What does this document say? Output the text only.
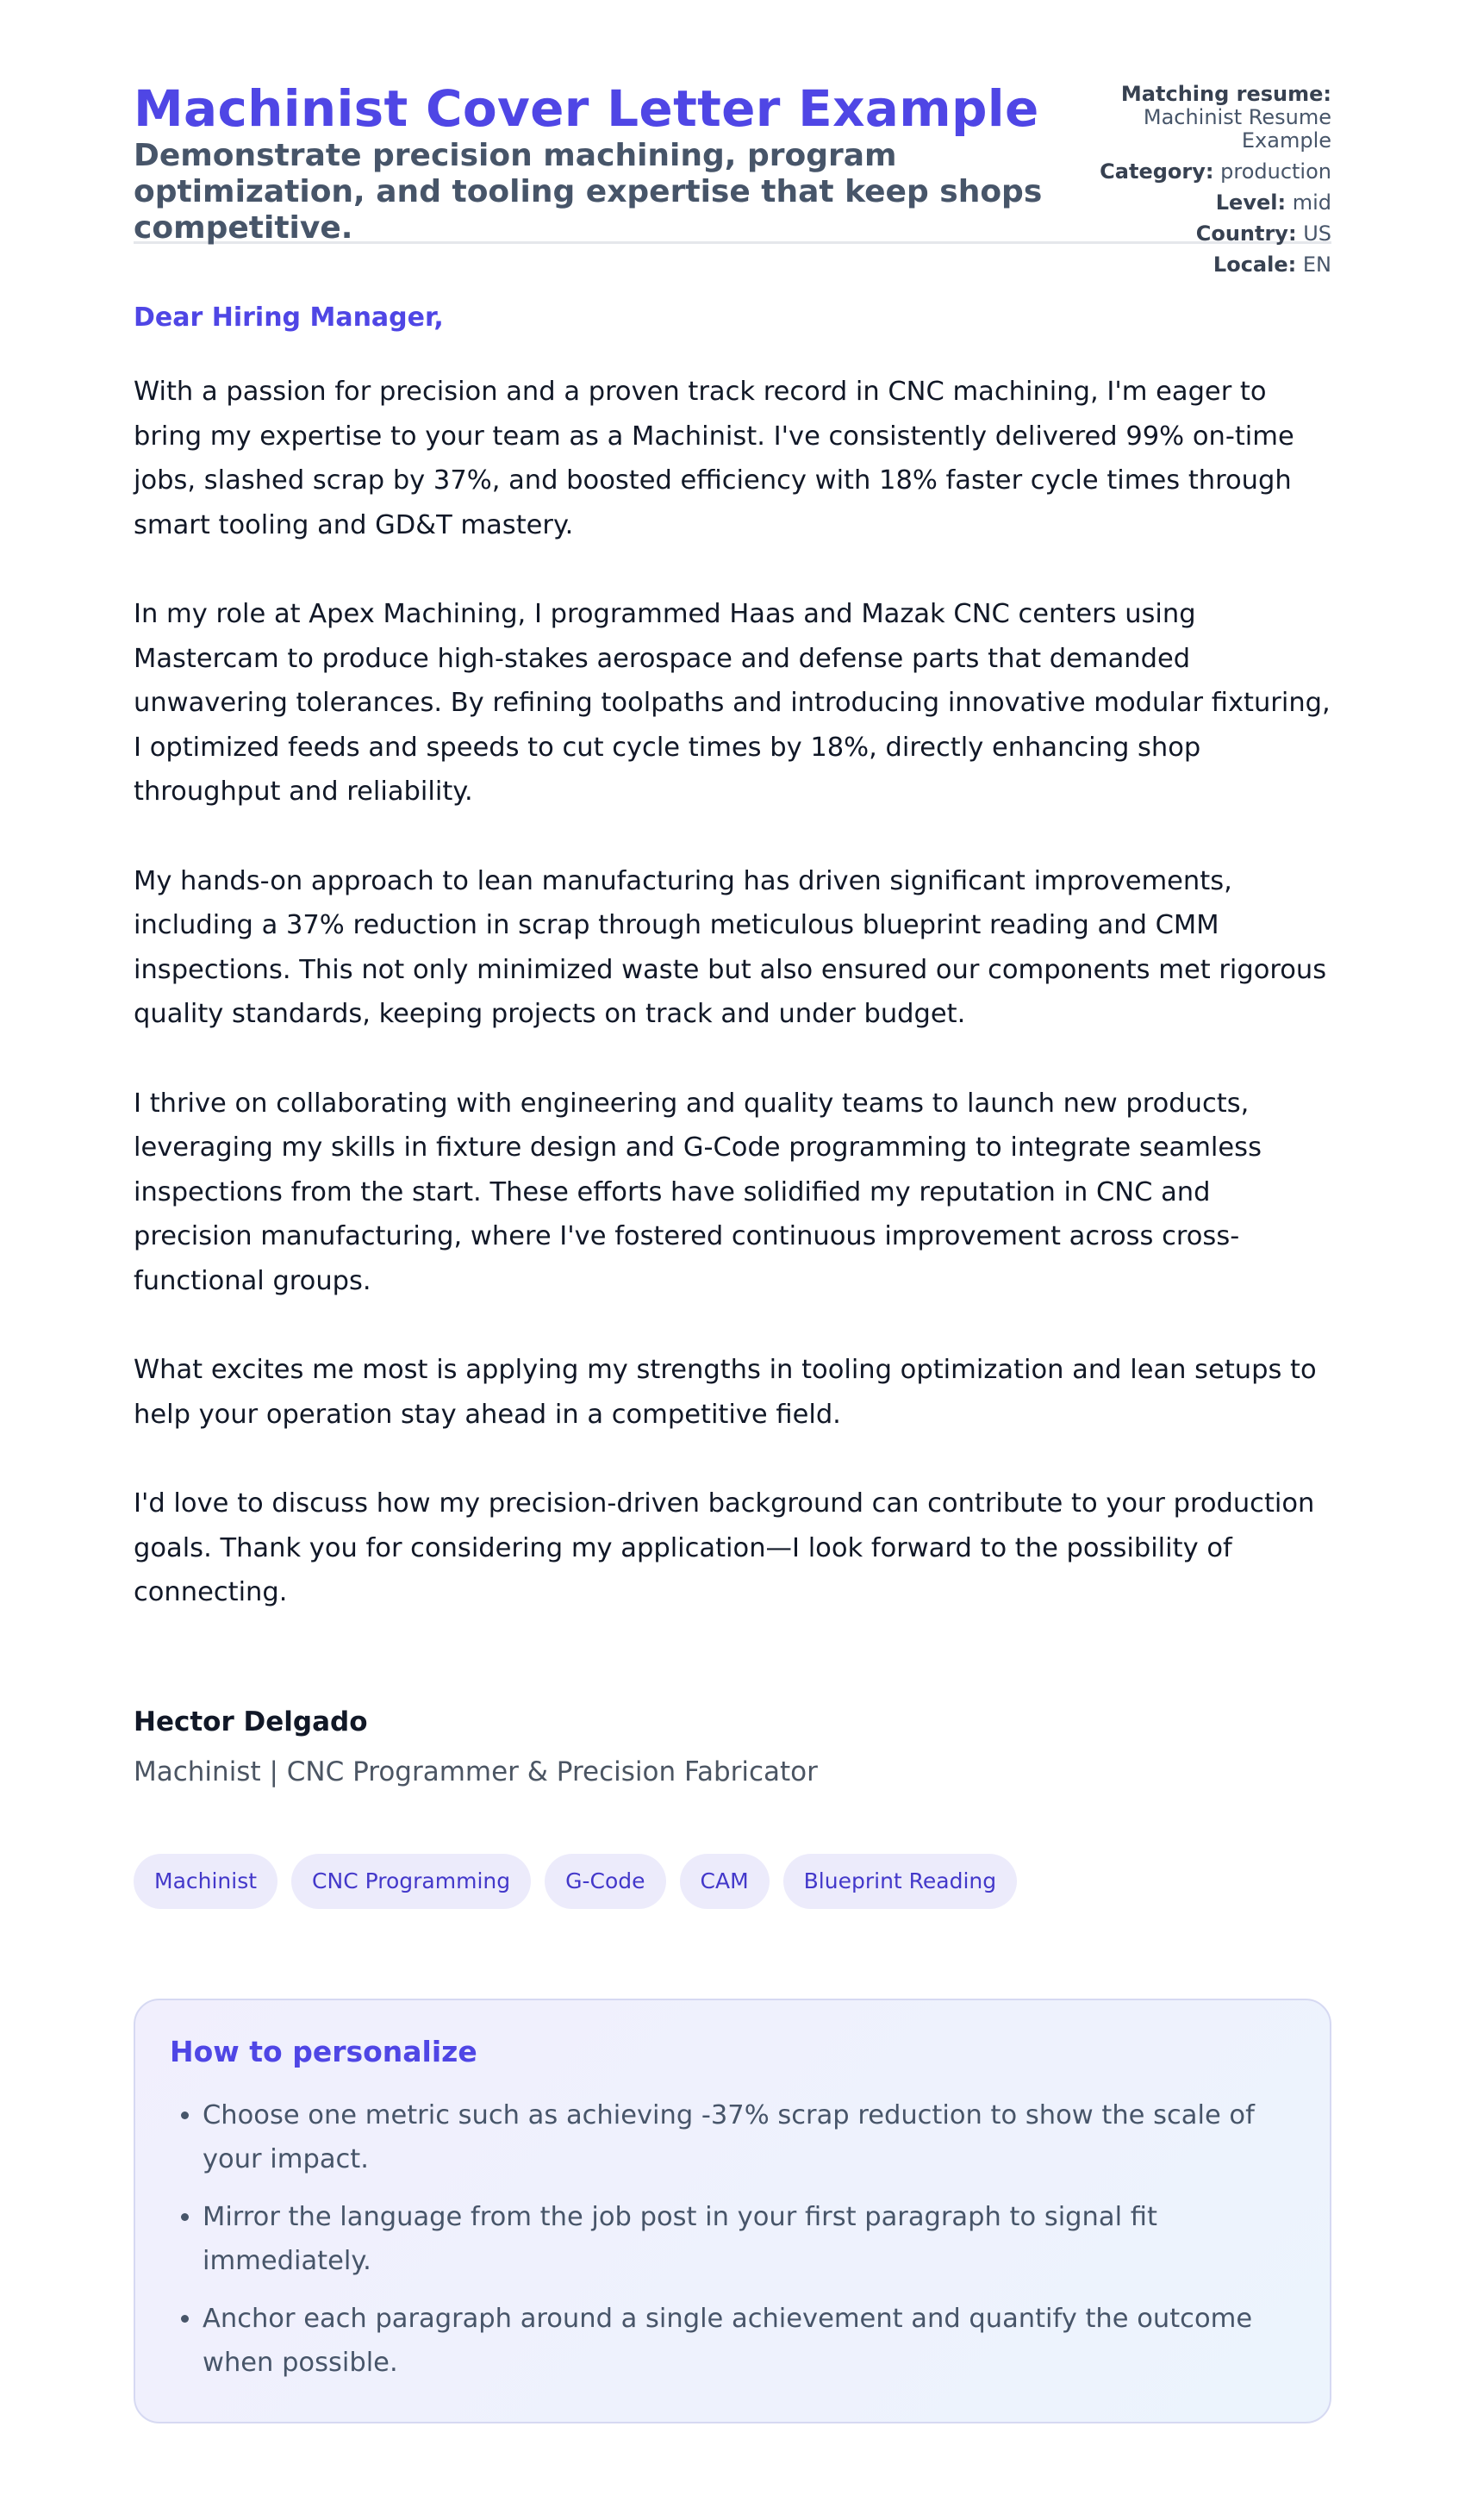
Machinist Cover Letter Example

Demonstrate precision machining, program optimization, and tooling expertise that keep shops competitive.

Matching resume:
Machinist Resume Example
Category: production
Level: mid
Country: US
Locale: EN

Dear Hiring Manager,

With a passion for precision and a proven track record in CNC machining, I'm eager to bring my expertise to your team as a Machinist. I've consistently delivered 99% on-time jobs, slashed scrap by 37%, and boosted efficiency with 18% faster cycle times through smart tooling and GD&T mastery.

In my role at Apex Machining, I programmed Haas and Mazak CNC centers using Mastercam to produce high-stakes aerospace and defense parts that demanded unwavering tolerances. By refining toolpaths and introducing innovative modular fixturing, I optimized feeds and speeds to cut cycle times by 18%, directly enhancing shop throughput and reliability.

My hands-on approach to lean manufacturing has driven significant improvements, including a 37% reduction in scrap through meticulous blueprint reading and CMM inspections. This not only minimized waste but also ensured our components met rigorous quality standards, keeping projects on track and under budget.

I thrive on collaborating with engineering and quality teams to launch new products, leveraging my skills in fixture design and G-Code programming to integrate seamless inspections from the start. These efforts have solidified my reputation in CNC and precision manufacturing, where I've fostered continuous improvement across cross-functional groups.

What excites me most is applying my strengths in tooling optimization and lean setups to help your operation stay ahead in a competitive field.

I'd love to discuss how my precision-driven background can contribute to your production goals. Thank you for considering my application—I look forward to the possibility of connecting.

Hector Delgado
Machinist | CNC Programmer & Precision Fabricator
Machinist	CNC Programming	G-Code	CAM	Blueprint Reading
How to personalize
• Choose one metric such as achieving -37% scrap reduction to show the scale of your impact.
• Mirror the language from the job post in your first paragraph to signal fit immediately.
• Anchor each paragraph around a single achievement and quantify the outcome when possible.
